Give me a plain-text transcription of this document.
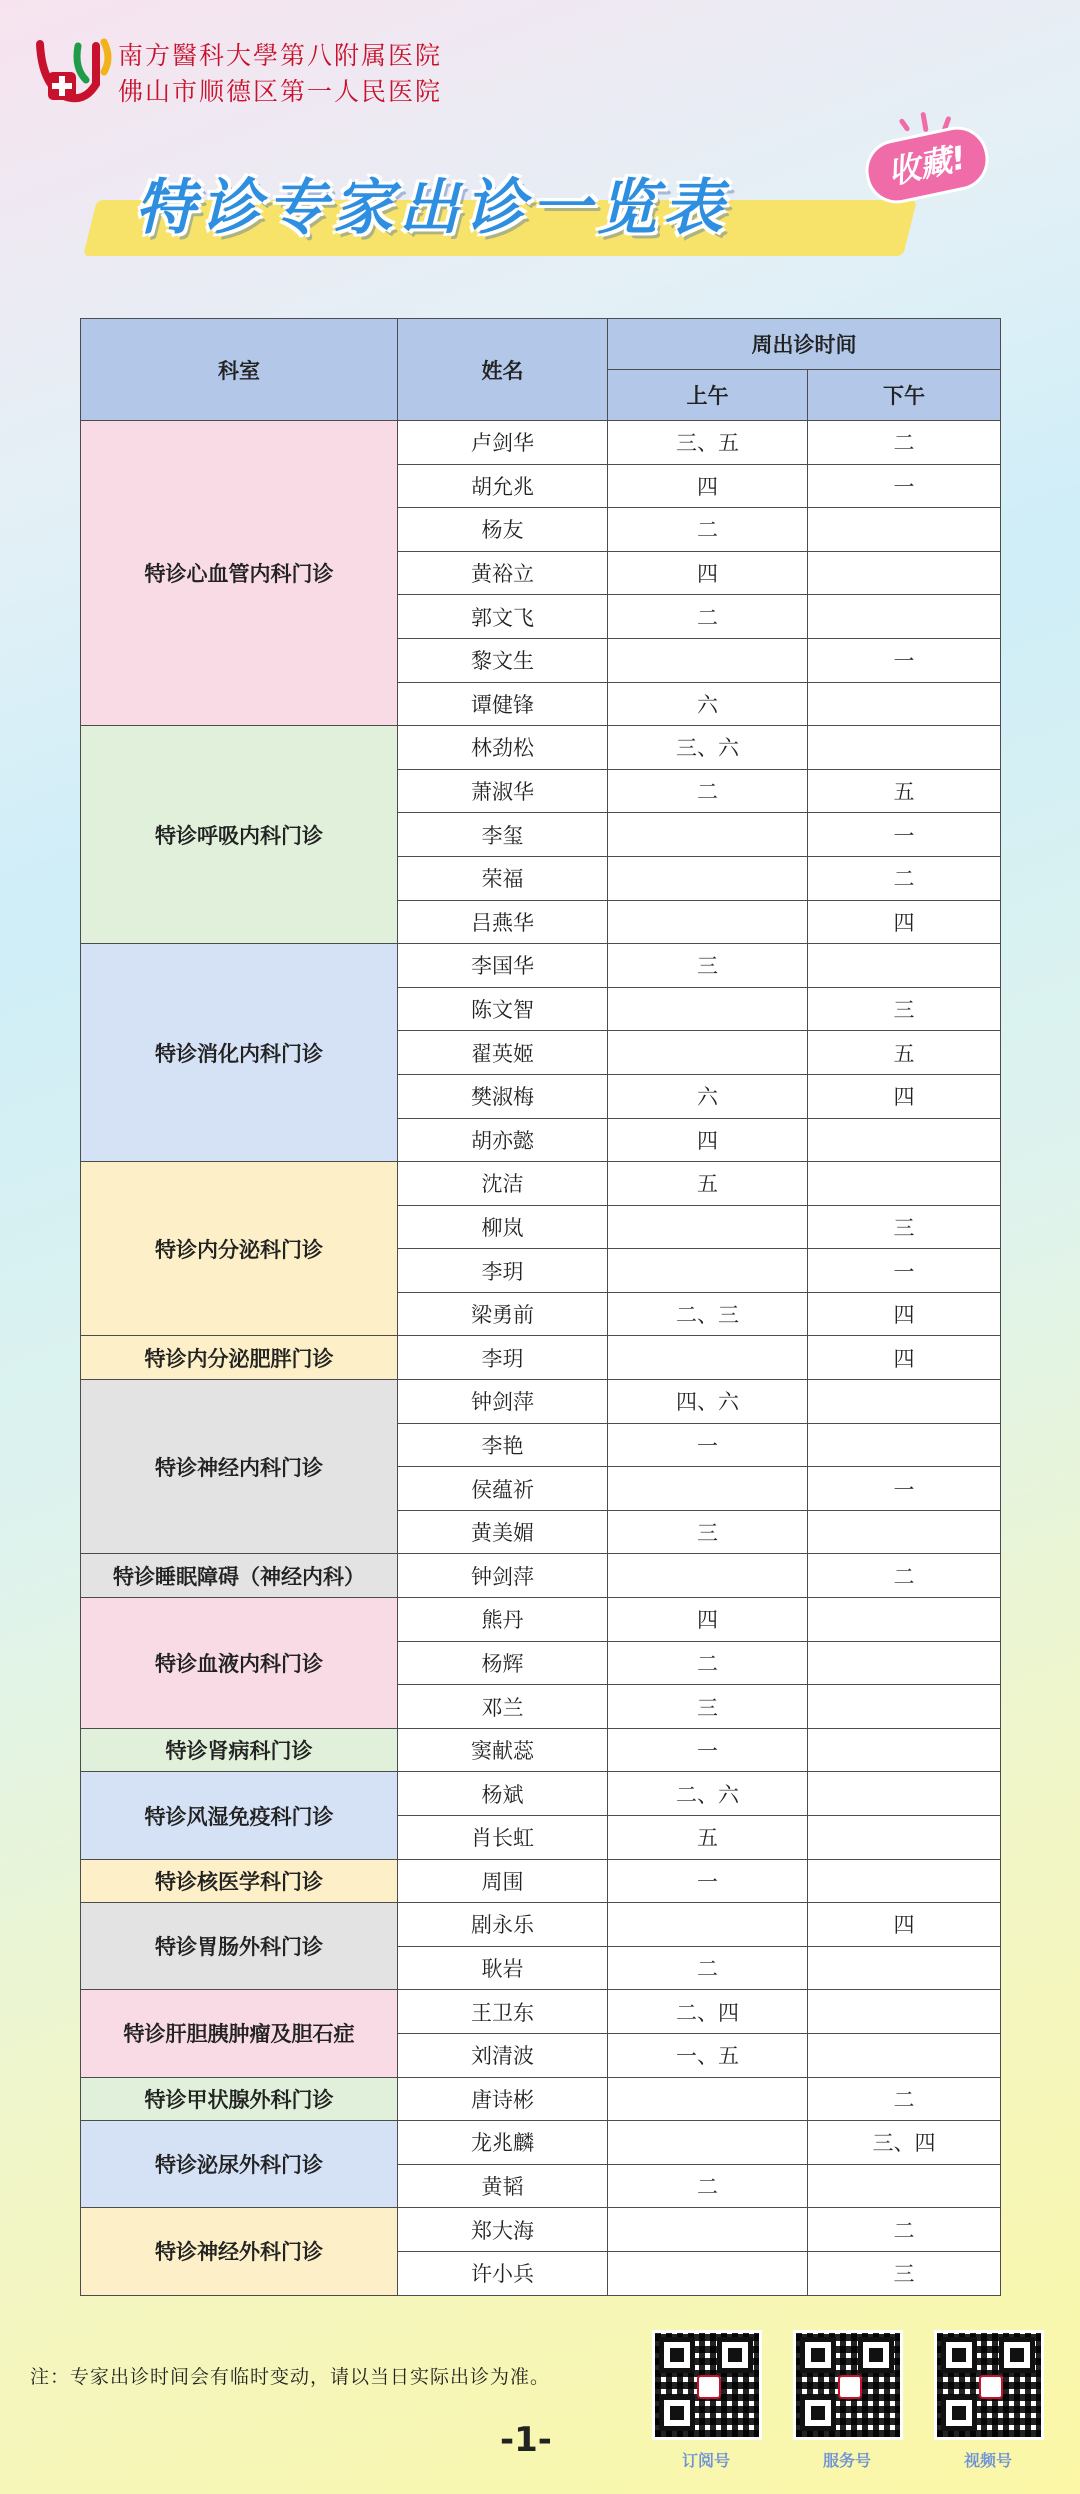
南方醫科大學第八附属医院
佛山市顺德区第一人民医院
特诊专家出诊一览表
收藏!
科室	姓名	周出诊时间	
		上午	下午
特诊心血管内科门诊	卢剑华	三、五	二
	胡允兆	四	一
	杨友	二	
	黄裕立	四	
	郭文飞	二	
	黎文生		一
	谭健锋	六	
特诊呼吸内科门诊	林劲松	三、六	
	萧淑华	二	五
	李玺		一
	荣福		二
	吕燕华		四
特诊消化内科门诊	李国华	三	
	陈文智		三
	翟英姬		五
	樊淑梅	六	四
	胡亦懿	四	
特诊内分泌科门诊	沈洁	五	
	柳岚		三
	李玥		一
	梁勇前	二、三	四
特诊内分泌肥胖门诊	李玥		四
特诊神经内科门诊	钟剑萍	四、六	
	李艳	一	
	侯蕴祈		一
	黄美媚	三	
特诊睡眠障碍（神经内科）	钟剑萍		二
特诊血液内科门诊	熊丹	四	
	杨辉	二	
	邓兰	三	
特诊肾病科门诊	窦献蕊	一	
特诊风湿免疫科门诊	杨斌	二、六	
	肖长虹	五	
特诊核医学科门诊	周围	一	
特诊胃肠外科门诊	剧永乐		四
	耿岩	二	
特诊肝胆胰肿瘤及胆石症	王卫东	二、四	
	刘清波	一、五	
特诊甲状腺外科门诊	唐诗彬		二
特诊泌尿外科门诊	龙兆麟		三、四
	黄韬	二	
特诊神经外科门诊	郑大海		二
	许小兵		三
注：专家出诊时间会有临时变动，请以当日实际出诊为准。
-1-
订阅号	服务号	视频号
